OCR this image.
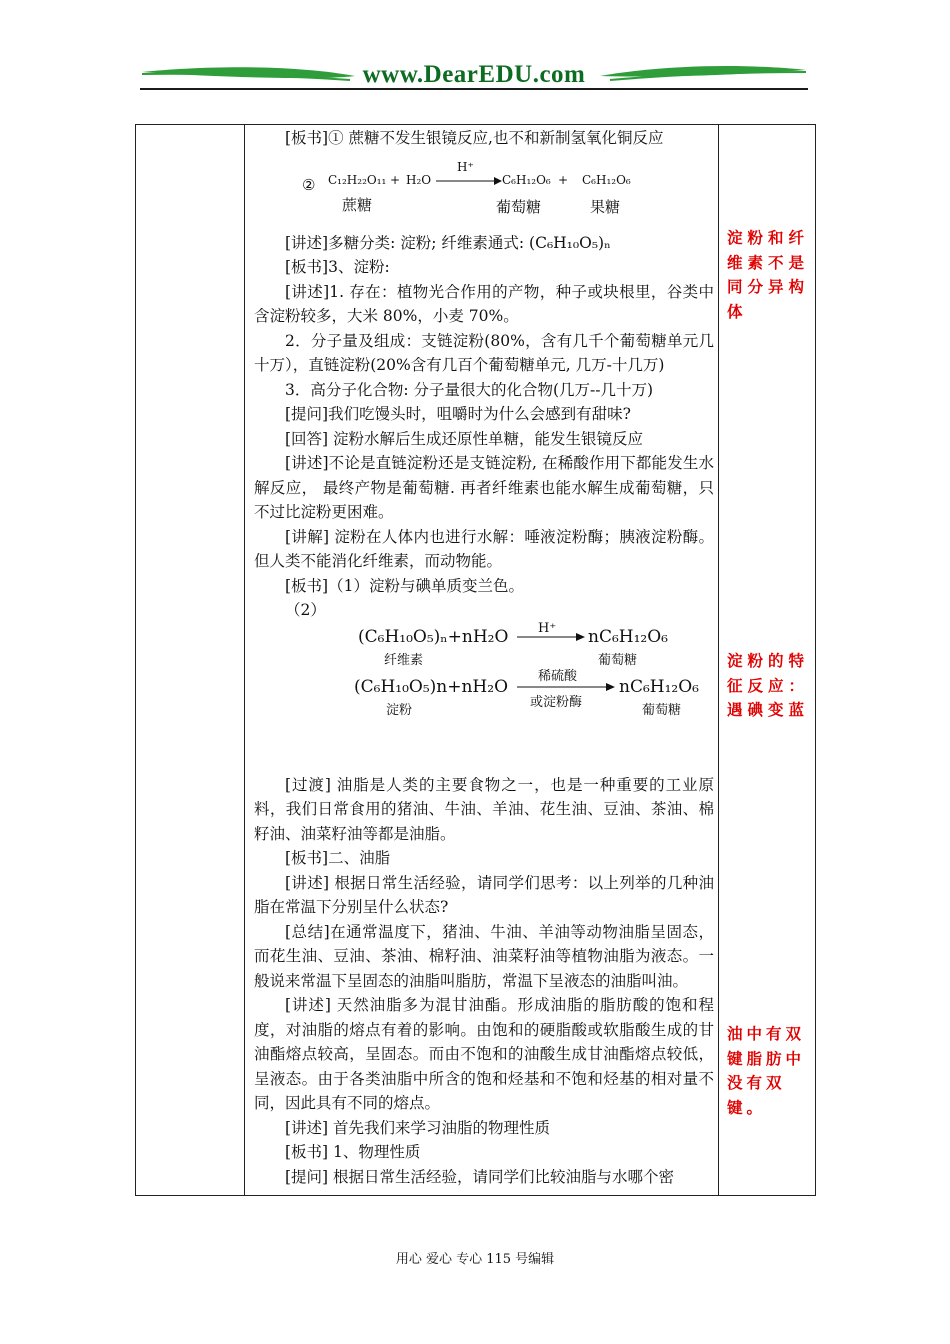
www.DearEDU.com

[板书]① 蔗糖不发生银镜反应,也不和新制氢氧化铜反应

② C₁₂H₂₂O₁₁ + H₂O
H⁺
C₆H₁₂O₆ + C₆H₁₂O₆
蔗糖	葡萄糖	果糖

[讲述]多糖分类: 淀粉; 纤维素通式: (C₆H₁₀O₅)ₙ

[板书]3、淀粉:

[讲述]1. 存在：植物光合作用的产物，种子或块根里，谷类中含淀粉较多，大米 80%，小麦 70%。

2．分子量及组成：支链淀粉(80%，含有几千个葡萄糖单元几十万），直链淀粉(20%含有几百个葡萄糖单元, 几万-十几万)

3．高分子化合物: 分子量很大的化合物(几万--几十万)

[提问]我们吃馒头时，咀嚼时为什么会感到有甜味?

[回答] 淀粉水解后生成还原性单糖，能发生银镜反应

[讲述]不论是直链淀粉还是支链淀粉, 在稀酸作用下都能发生水解反应， 最终产物是葡萄糖. 再者纤维素也能水解生成葡萄糖，只不过比淀粉更困难。

[讲解] 淀粉在人体内也进行水解：唾液淀粉酶；胰液淀粉酶。但人类不能消化纤维素，而动物能。

[板书]（1）淀粉与碘单质变兰色。

（2）

(C₆H₁₀O₅)ₙ+nH₂O H⁺ nC₆H₁₂O₆
纤维素	葡萄糖
(C₆H₁₀O₅)n+nH₂O
稀硫酸
或淀粉酶
nC₆H₁₂O₆
淀粉	葡萄糖

[过渡] 油脂是人类的主要食物之一，也是一种重要的工业原料，我们日常食用的猪油、牛油、羊油、花生油、豆油、茶油、棉籽油、油菜籽油等都是油脂。

[板书]二、油脂

[讲述] 根据日常生活经验，请同学们思考：以上列举的几种油脂在常温下分别呈什么状态?

[总结]在通常温度下，猪油、牛油、羊油等动物油脂呈固态，而花生油、豆油、茶油、棉籽油、油菜籽油等植物油脂为液态。一般说来常温下呈固态的油脂叫脂肪，常温下呈液态的油脂叫油。

[讲述] 天然油脂多为混甘油酯。形成油脂的脂肪酸的饱和程度，对油脂的熔点有着的影响。由饱和的硬脂酸或软脂酸生成的甘油酯熔点较高，呈固态。而由不饱和的油酸生成甘油酯熔点较低，呈液态。由于各类油脂中所含的饱和烃基和不饱和烃基的相对量不同，因此具有不同的熔点。

[讲述] 首先我们来学习油脂的物理性质

[板书] 1、物理性质

[提问] 根据日常生活经验，请同学们比较油脂与水哪个密

淀粉和纤维素不是同分异构体
淀粉的特征反应：遇碘变蓝
油中有双键脂肪中没有双键。
用心 爱心 专心 115 号编辑
